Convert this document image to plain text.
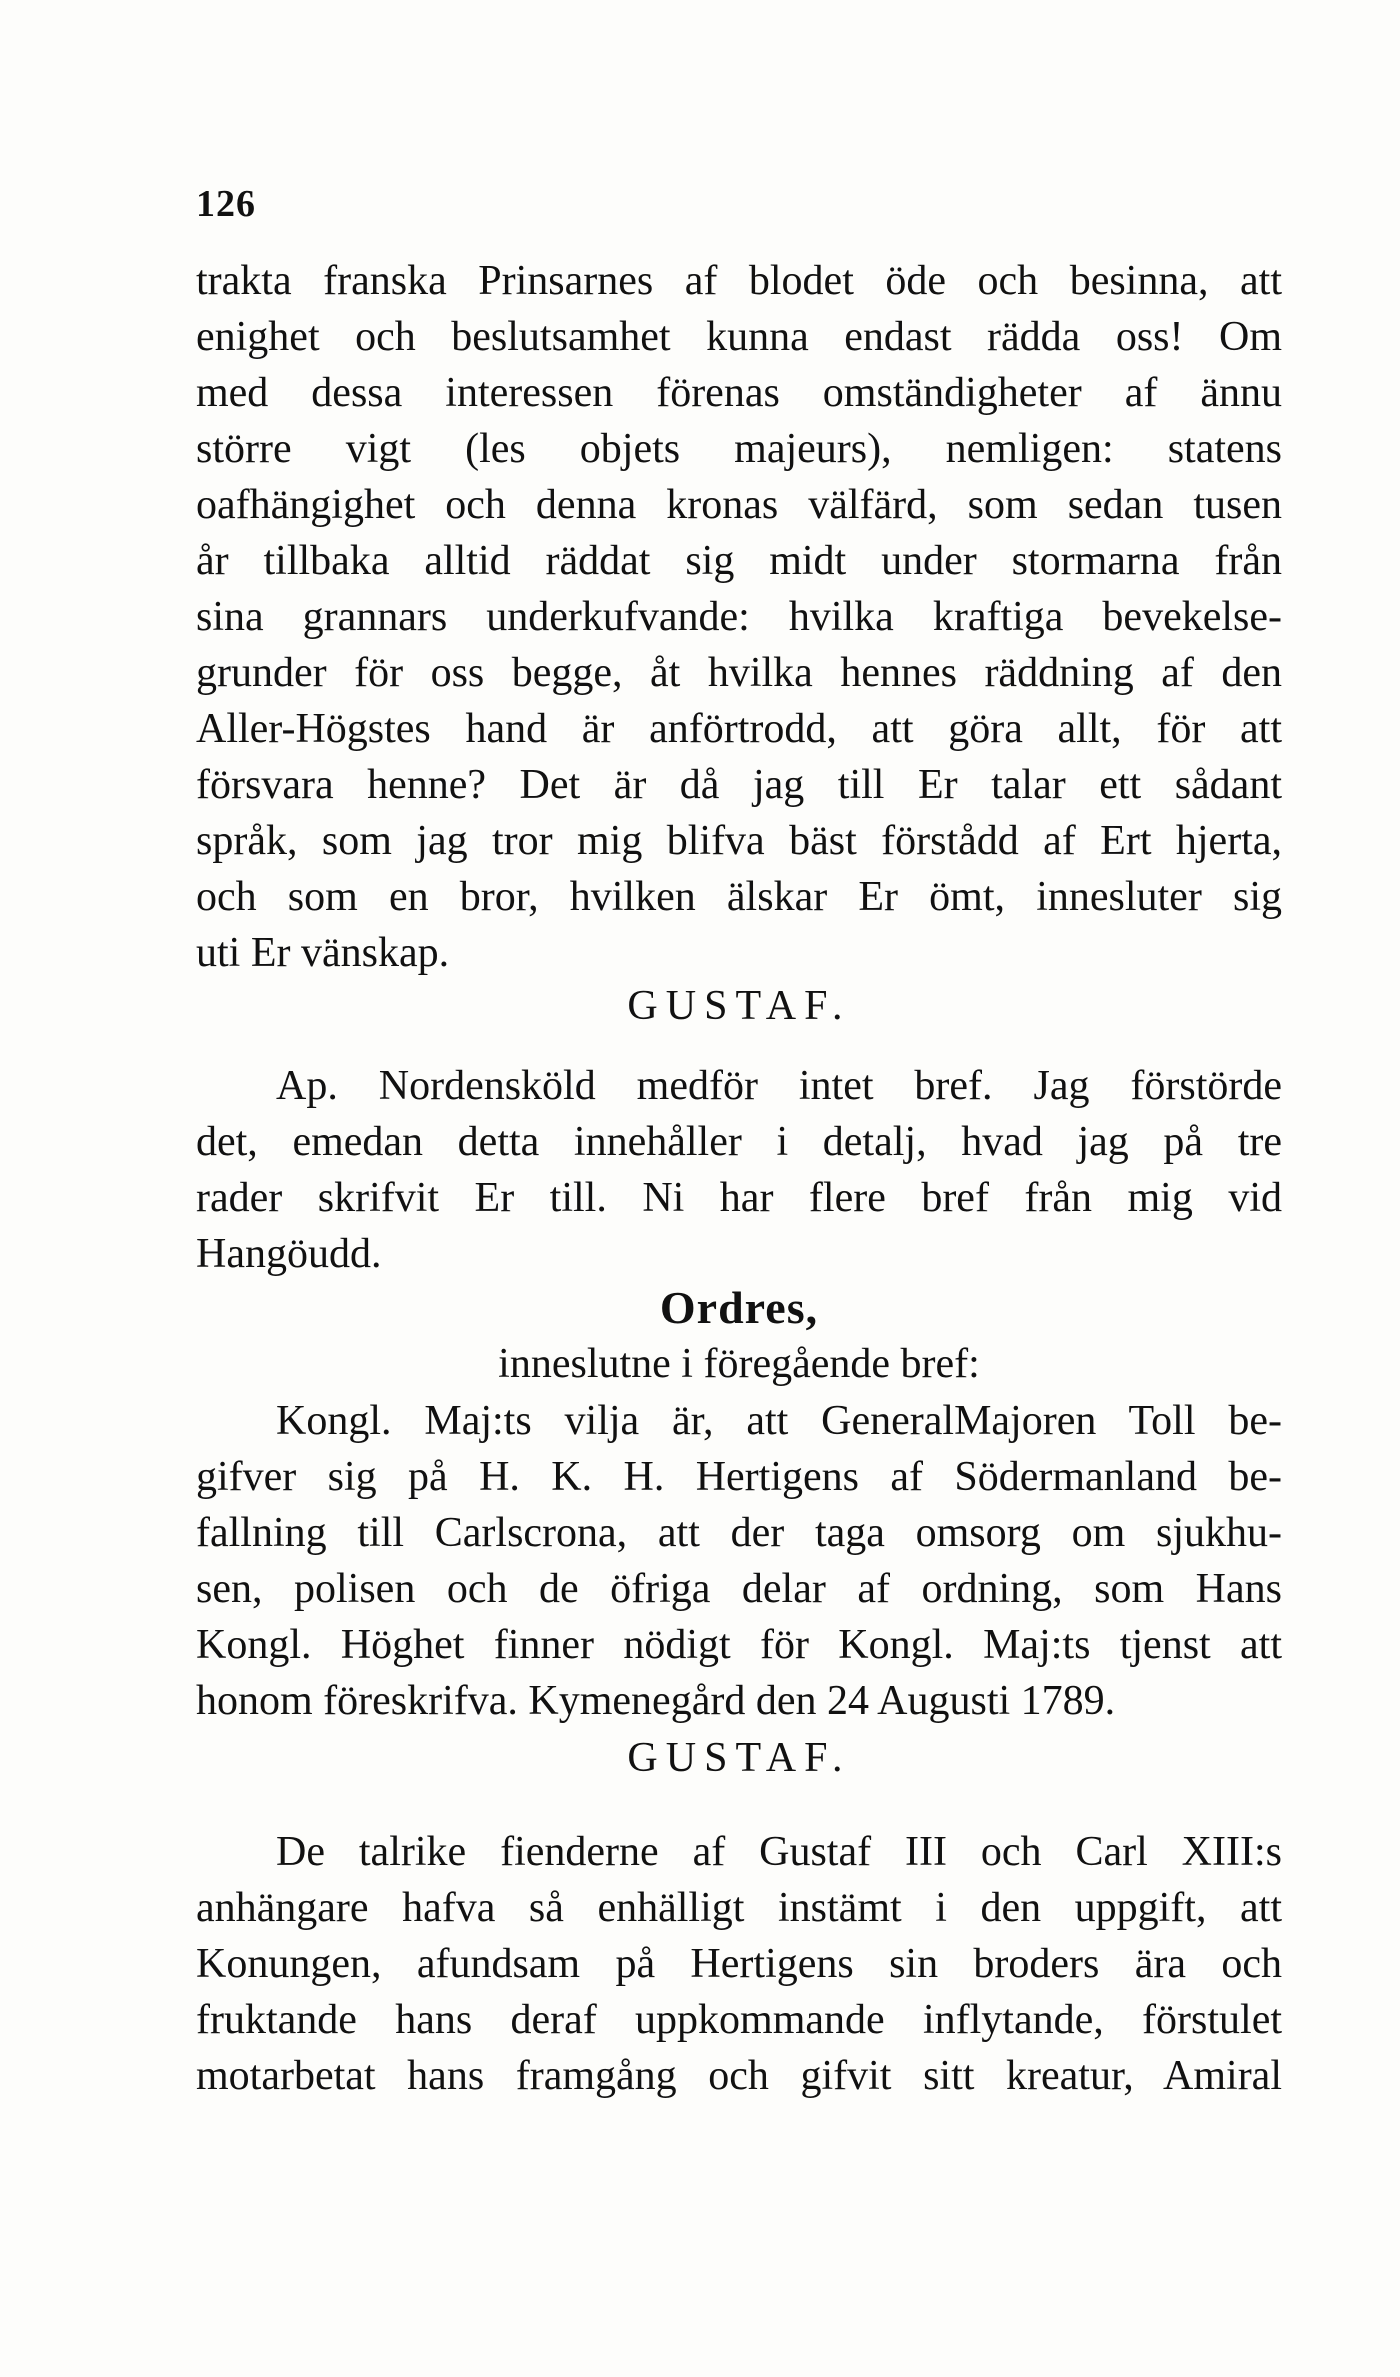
126
trakta franska Prinsarnes af blodet öde och besinna, att
enighet och beslutsamhet kunna endast rädda oss! Om
med dessa interessen förenas omständigheter af ännu
större vigt (les objets majeurs), nemligen: statens
oafhängighet och denna kronas välfärd, som sedan tusen
år tillbaka alltid räddat sig midt under stormarna från
sina grannars underkufvande: hvilka kraftiga bevekelse-
grunder för oss begge, åt hvilka hennes räddning af den
Aller-Högstes hand är anförtrodd, att göra allt, för att
försvara henne? Det är då jag till Er talar ett sådant
språk, som jag tror mig blifva bäst förstådd af Ert hjerta,
och som en bror, hvilken älskar Er ömt, innesluter sig
uti Er vänskap.
GUSTAF.
Ap. Nordensköld medför intet bref. Jag förstörde
det, emedan detta innehåller i detalj, hvad jag på tre
rader skrifvit Er till. Ni har flere bref från mig vid
Hangöudd.
Ordres,
inneslutne i föregående bref:
Kongl. Maj:ts vilja är, att GeneralMajoren Toll be-
gifver sig på H. K. H. Hertigens af Södermanland be-
fallning till Carlscrona, att der taga omsorg om sjukhu-
sen, polisen och de öfriga delar af ordning, som Hans
Kongl. Höghet finner nödigt för Kongl. Maj:ts tjenst att
honom föreskrifva. Kymenegård den 24 Augusti 1789.
GUSTAF.
De talrike fienderne af Gustaf III och Carl XIII:s
anhängare hafva så enhälligt instämt i den uppgift, att
Konungen, afundsam på Hertigens sin broders ära och
fruktande hans deraf uppkommande inflytande, förstulet
motarbetat hans framgång och gifvit sitt kreatur, Amiral
